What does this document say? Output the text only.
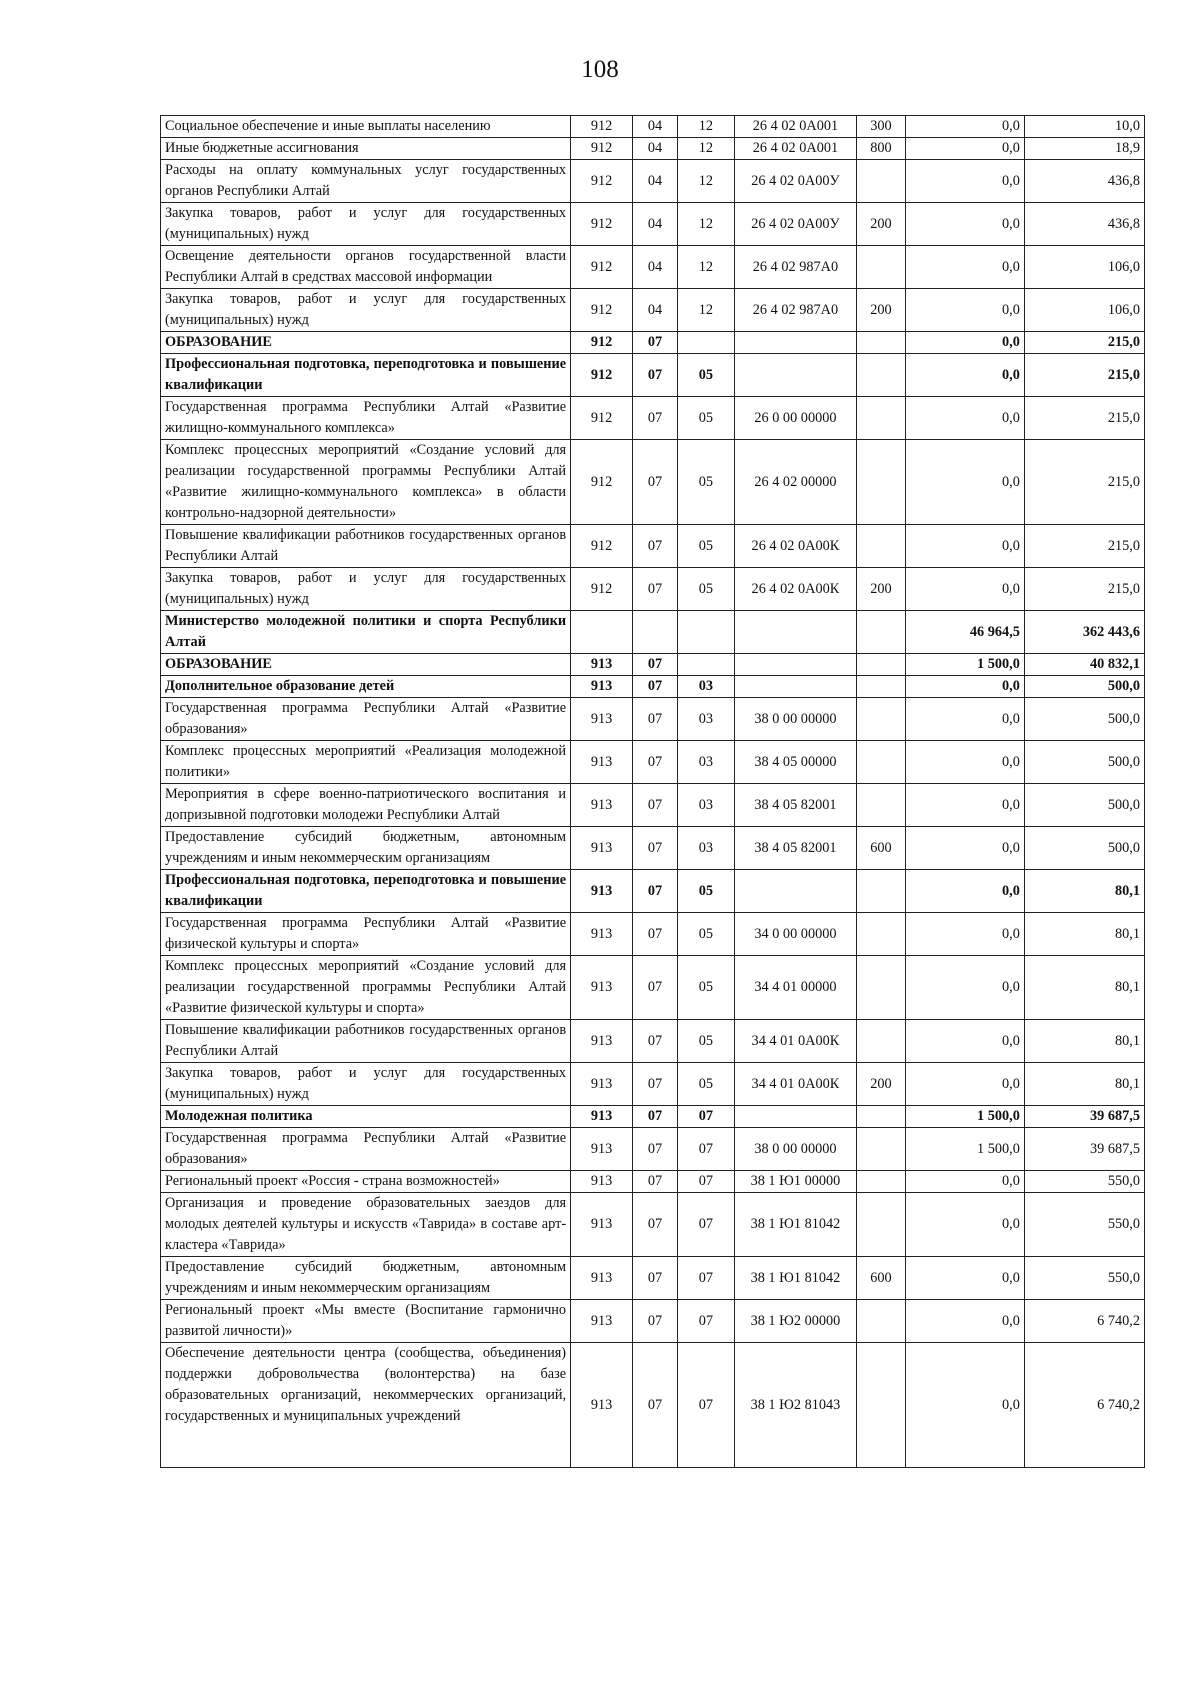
108
Социальное обеспечение и иные выплаты населению	912	04	12	26 4 02 0А001	300	0,0	10,0
Иные бюджетные ассигнования	912	04	12	26 4 02 0А001	800	0,0	18,9
Расходы на оплату коммунальных услуг государственных органов Республики Алтай	912	04	12	26 4 02 0А00У		0,0	436,8
Закупка товаров, работ и услуг для государственных (муниципальных) нужд	912	04	12	26 4 02 0А00У	200	0,0	436,8
Освещение деятельности органов государственной власти Республики Алтай в средствах массовой информации	912	04	12	26 4 02 987А0		0,0	106,0
Закупка товаров, работ и услуг для государственных (муниципальных) нужд	912	04	12	26 4 02 987А0	200	0,0	106,0
ОБРАЗОВАНИЕ	912	07				0,0	215,0
Профессиональная подготовка, переподготовка и повышение квалификации	912	07	05			0,0	215,0
Государственная программа Республики Алтай «Развитие жилищно-коммунального комплекса»	912	07	05	26 0 00 00000		0,0	215,0
Комплекс процессных мероприятий «Создание условий для реализации государственной программы Республики Алтай «Развитие жилищно-коммунального комплекса» в области контрольно-надзорной деятельности»	912	07	05	26 4 02 00000		0,0	215,0
Повышение квалификации работников государственных органов Республики Алтай	912	07	05	26 4 02 0А00К		0,0	215,0
Закупка товаров, работ и услуг для государственных (муниципальных) нужд	912	07	05	26 4 02 0А00К	200	0,0	215,0
Министерство молодежной политики и спорта Республики Алтай						46 964,5	362 443,6
ОБРАЗОВАНИЕ	913	07				1 500,0	40 832,1
Дополнительное образование детей	913	07	03			0,0	500,0
Государственная программа Республики Алтай «Развитие образования»	913	07	03	38 0 00 00000		0,0	500,0
Комплекс процессных мероприятий «Реализация молодежной политики»	913	07	03	38 4 05 00000		0,0	500,0
Мероприятия в сфере военно-патриотического воспитания и допризывной подготовки молодежи Республики Алтай	913	07	03	38 4 05 82001		0,0	500,0
Предоставление субсидий бюджетным, автономным учреждениям и иным некоммерческим организациям	913	07	03	38 4 05 82001	600	0,0	500,0
Профессиональная подготовка, переподготовка и повышение квалификации	913	07	05			0,0	80,1
Государственная программа Республики Алтай «Развитие физической культуры и спорта»	913	07	05	34 0 00 00000		0,0	80,1
Комплекс процессных мероприятий «Создание условий для реализации государственной программы Республики Алтай «Развитие физической культуры и спорта»	913	07	05	34 4 01 00000		0,0	80,1
Повышение квалификации работников государственных органов Республики Алтай	913	07	05	34 4 01 0А00К		0,0	80,1
Закупка товаров, работ и услуг для государственных (муниципальных) нужд	913	07	05	34 4 01 0А00К	200	0,0	80,1
Молодежная политика	913	07	07			1 500,0	39 687,5
Государственная программа Республики Алтай «Развитие образования»	913	07	07	38 0 00 00000		1 500,0	39 687,5
Региональный проект «Россия - страна возможностей»	913	07	07	38 1 Ю1 00000		0,0	550,0
Организация и проведение образовательных заездов для молодых деятелей культуры и искусств «Таврида» в составе арт-кластера «Таврида»	913	07	07	38 1 Ю1 81042		0,0	550,0
Предоставление субсидий бюджетным, автономным учреждениям и иным некоммерческим организациям	913	07	07	38 1 Ю1 81042	600	0,0	550,0
Региональный проект «Мы вместе (Воспитание гармонично развитой личности)»	913	07	07	38 1 Ю2 00000		0,0	6 740,2
Обеспечение деятельности центра (сообщества, объединения) поддержки добровольчества (волонтерства) на базе образовательных организаций, некоммерческих организаций, государственных и муниципальных учреждений	913	07	07	38 1 Ю2 81043		0,0	6 740,2
